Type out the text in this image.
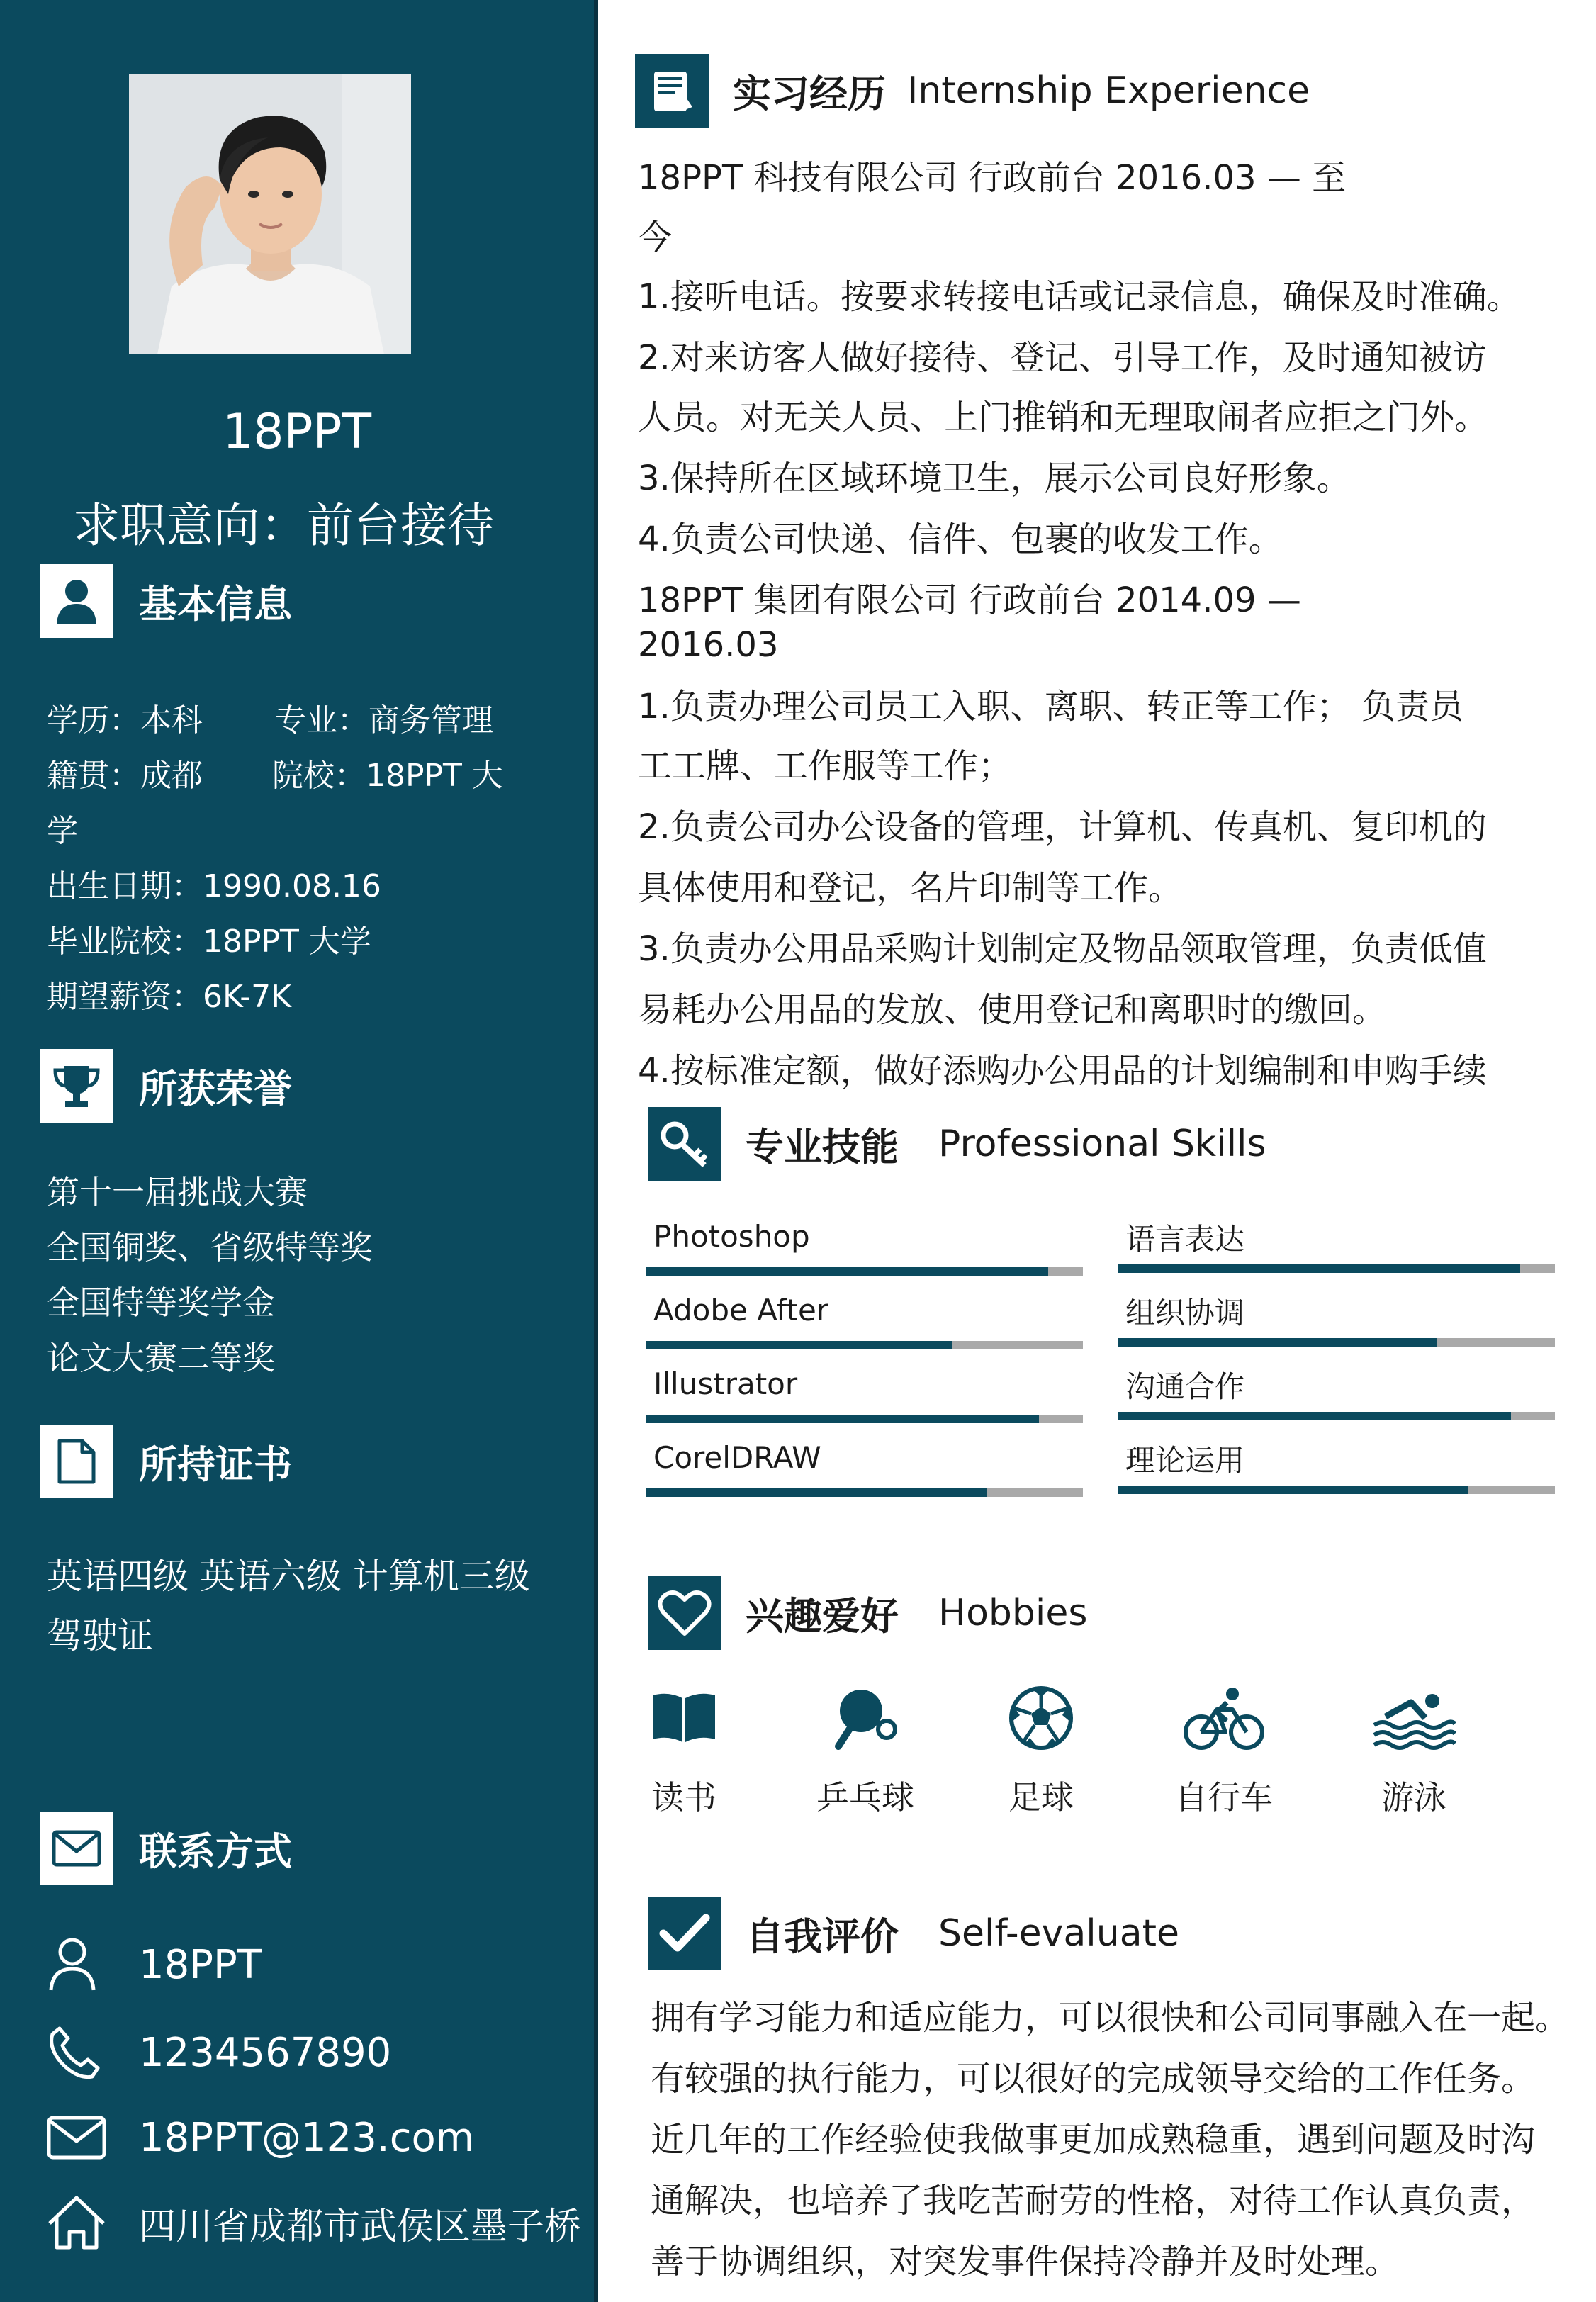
18PPT
求职意向：前台接待
基本信息
学历：本科 专业：商务管理
籍贯：成都 院校：18PPT 大
学
出生日期：1990.08.16
毕业院校：18PPT 大学
期望薪资：6K-7K
所获荣誉
第十一届挑战大赛
全国铜奖、省级特等奖
全国特等奖学金
论文大赛二等奖
所持证书
英语四级 英语六级 计算机三级
驾驶证
联系方式
18PPT
1234567890
18PPT@123.com
四川省成都市武侯区墨子桥
实习经历 Internship Experience
18PPT 科技有限公司 行政前台 2016.03 — 至
今
1.接听电话。按要求转接电话或记录信息，确保及时准确。
2.对来访客人做好接待、登记、引导工作，及时通知被访
人员。对无关人员、上门推销和无理取闹者应拒之门外。
3.保持所在区域环境卫生，展示公司良好形象。
4.负责公司快递、信件、包裹的收发工作。
18PPT 集团有限公司 行政前台 2014.09 —
2016.03
1.负责办理公司员工入职、离职、转正等工作； 负责员
工工牌、工作服等工作；
2.负责公司办公设备的管理，计算机、传真机、复印机的
具体使用和登记，名片印制等工作。
3.负责办公用品采购计划制定及物品领取管理，负责低值
易耗办公用品的发放、使用登记和离职时的缴回。
4.按标准定额，做好添购办公用品的计划编制和申购手续
专业技能 Professional Skills
Photoshop
Adobe After
Illustrator
CorelDRAW
语言表达
组织协调
沟通合作
理论运用
兴趣爱好 Hobbies
读书	乒乓球	足球	自行车	游泳
自我评价 Self-evaluate
拥有学习能力和适应能力，可以很快和公司同事融入在一起。
有较强的执行能力，可以很好的完成领导交给的工作任务。
近几年的工作经验使我做事更加成熟稳重，遇到问题及时沟
通解决，也培养了我吃苦耐劳的性格，对待工作认真负责，
善于协调组织，对突发事件保持冷静并及时处理。
